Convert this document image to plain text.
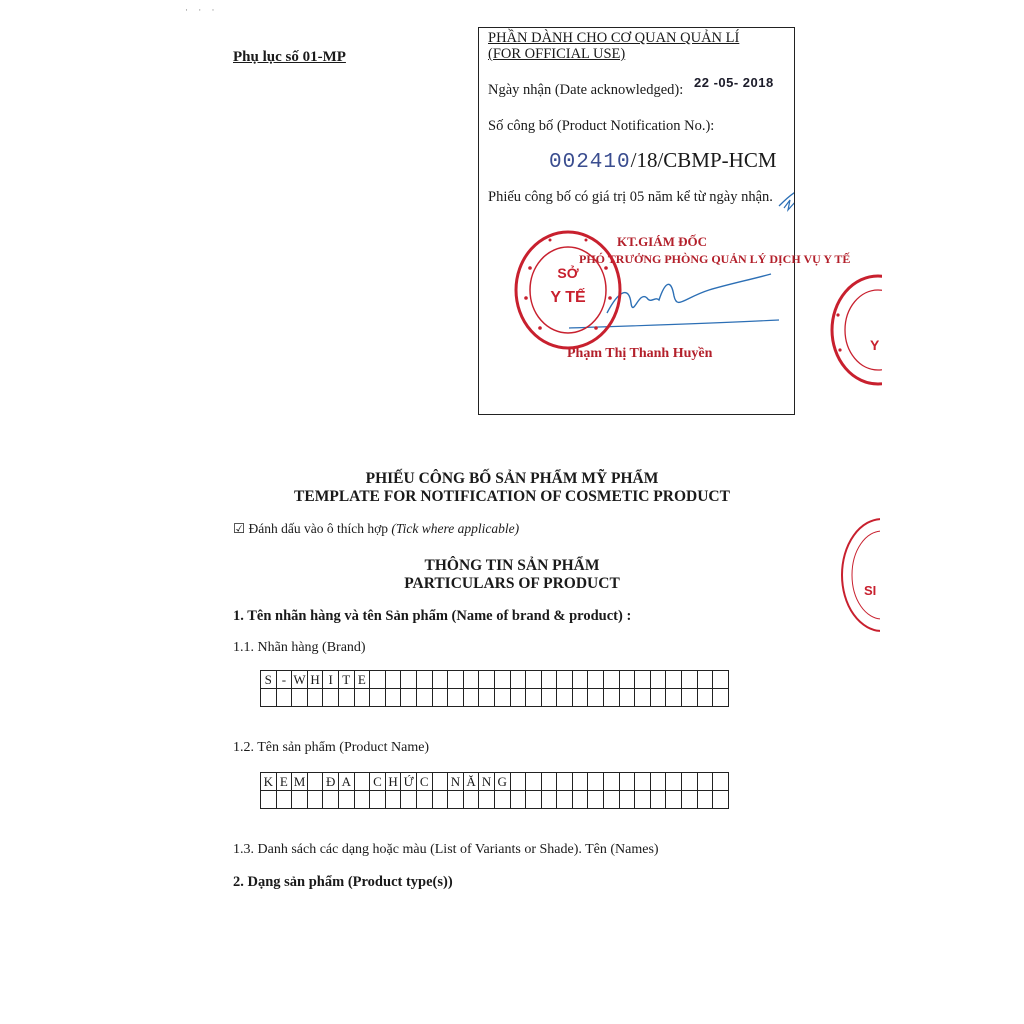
· · ·
Phụ lục số 01-MP
PHẦN DÀNH CHO CƠ QUAN QUẢN LÍ
(FOR OFFICIAL USE)
Ngày nhận (Date acknowledged): 22 -05- 2018
Số công bố (Product Notification No.):
002410/18/CBMP-HCM
Phiếu công bố có giá trị 05 năm kể từ ngày nhận.
KT.GIÁM ĐỐC
PHÓ TRƯỞNG PHÒNG QUẢN LÝ DỊCH VỤ Y TẾ
Phạm Thị Thanh Huyền
SỞ
Y TẾ
Y
SI
PHIẾU CÔNG BỐ SẢN PHẨM MỸ PHẨM
TEMPLATE FOR NOTIFICATION OF COSMETIC PRODUCT
☑ Đánh dấu vào ô thích hợp (Tick where applicable)
THÔNG TIN SẢN PHẨM
PARTICULARS OF PRODUCT
1. Tên nhãn hàng và tên Sản phẩm (Name of brand & product) :
1.1. Nhãn hàng (Brand)
S	-	W	H	I	T	E																							

1.2. Tên sản phẩm (Product Name)
K	E	M		Đ	A		C	H	Ứ	C		N	Ă	N	G														

1.3. Danh sách các dạng hoặc màu (List of Variants or Shade). Tên (Names)
2. Dạng sản phẩm (Product type(s))
